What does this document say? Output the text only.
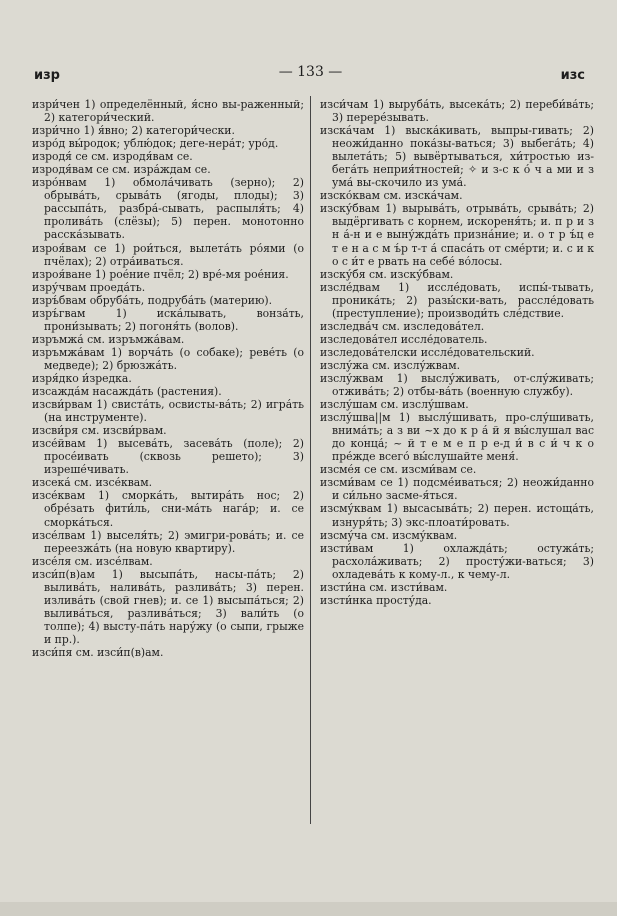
изр	— 133 —	изс

изри́чен 1) определённый, я́сно вы-раженный; 2) категори́ческий.

изри́чно 1) я́вно; 2) категори́чески.

изро́д вы́родок; ублю́док; деге-нера́т; уро́д.

изродя́ се см. изродя́вам се.

изродя́вам се см. изра́ждам се.

изро́нвам 1) обмола́чивать (зерно); 2) обрыва́ть, срыва́ть (ягоды, плоды); 3) рассыпа́ть, разбра́-сывать, распыля́ть; 4) пролива́ть (слёзы); 5) перен. монотонно расска́зывать.

изроя́вам се 1) рои́ться, вылета́ть ро́ями (о пчёлах); 2) отра́иваться.

изроя́ване 1) рое́ние пчёл; 2) вре́-мя рое́ния.

изру́чвам проеда́ть.

изръ́бвам обруба́ть, подруба́ть (материю).

изръ́гвам 1) иска́лывать, вонза́ть, прони́зывать; 2) погоня́ть (волов).

изръмжа́ см. изръмжа́вам.

изръмжа́вам 1) ворча́ть (о собаке); реве́ть (о медведе); 2) брюзжа́ть.

изря́дко и́зредка.

изсажда́м насажда́ть (растения).

изсви́рвам 1) свиста́ть, освисты-ва́ть; 2) игра́ть (на инструменте).

изсви́ря см. изсви́рвам.

изсе́йвам 1) высева́ть, засева́ть (поле); 2) просе́ивать (сквозь решето); 3) изреше́чивать.

изсека́ см. изсе́квам.

изсе́квам 1) сморка́ть, вытира́ть нос; 2) обре́зать фити́ль, сни-ма́ть нага́р; и. се сморка́ться.

изсе́лвам 1) выселя́ть; 2) эмигри-рова́ть; и. се переезжа́ть (на новую квартиру).

изсе́ля см. изсе́лвам.

изси́п(в)ам 1) высыпа́ть, насы-па́ть; 2) вылива́ть, налива́ть, разлива́ть; 3) перен. излива́ть (свой гнев); и. се 1) высыпа́ться; 2) вылива́ться, разлива́ться; 3) вали́ть (о толпе); 4) высту-па́ть нару́жу (о сыпи, грыже и пр.).

изси́пя см. изси́п(в)ам.

изси́чам 1) выруба́ть, высека́ть; 2) переби́ва́ть; 3) перере́зывать.

изска́чам 1) выска́кивать, выпры-гивать; 2) неожи́данно пока́зы-ваться; 3) выбега́ть; 4) вылета́ть; 5) вывёртываться, хи́тростью из-бега́ть неприя́тностей; ✧ и з-с к о́ ч а ми и з ума́ вы-скочило из ума́.

изско́квам см. изска́чам.

изску́бвам 1) вырыва́ть, отрыва́ть, срыва́ть; 2) выдёргивать с корнем, искореня́ть; и. п р и з н а́-н и е выну́жда́ть призна́ние; и. о т р ъ́ц е т е н а с м ъ́р т-т а́ спаса́ть от сме́рти; и. с и к о с и́т е рвать на себе́ во́лосы.

изску́бя см. изску́бвам.

изсле́двам 1) иссле́довать, испы́-тывать, проника́ть; 2) разы́ски-вать, рассле́довать (преступление); производи́ть сле́дствие.

изследва́ч см. изследова́тел.

изследова́тел иссле́дователь.

изследова́телски иссле́довательский.

изслу́жа см. изслу́жвам.

изслу́жвам 1) выслу́живать, от-слу́живать; отжива́ть; 2) отбы-ва́ть (военную службу).

изслу́шам см. изслу́швам.

изслу́шва||м 1) выслу́шивать, про-слу́шивать, внима́ть; а з ви ~х до к р а́ й я вы́слушал вас до конца́; ~ й т е м е п р е-д и́ в с и́ ч к о пре́жде всего́ вы́слушайте меня́.

изсме́я се см. изсми́вам се.

изсми́вам се 1) подсме́иваться; 2) неожи́данно и си́льно засме-я́ться.

изсму́квам 1) высасыва́ть; 2) перен. истоща́ть, изнуря́ть; 3) экс-плоати́ровать.

изсму́ча см. изсму́квам.

изсти́вам 1) охлажда́ть; остужа́ть; расхола́живать; 2) просту́жи-ваться; 3) охладева́ть к кому-л., к чему-л.

изсти́на см. изсти́вам.

изсти́нка просту́да.
